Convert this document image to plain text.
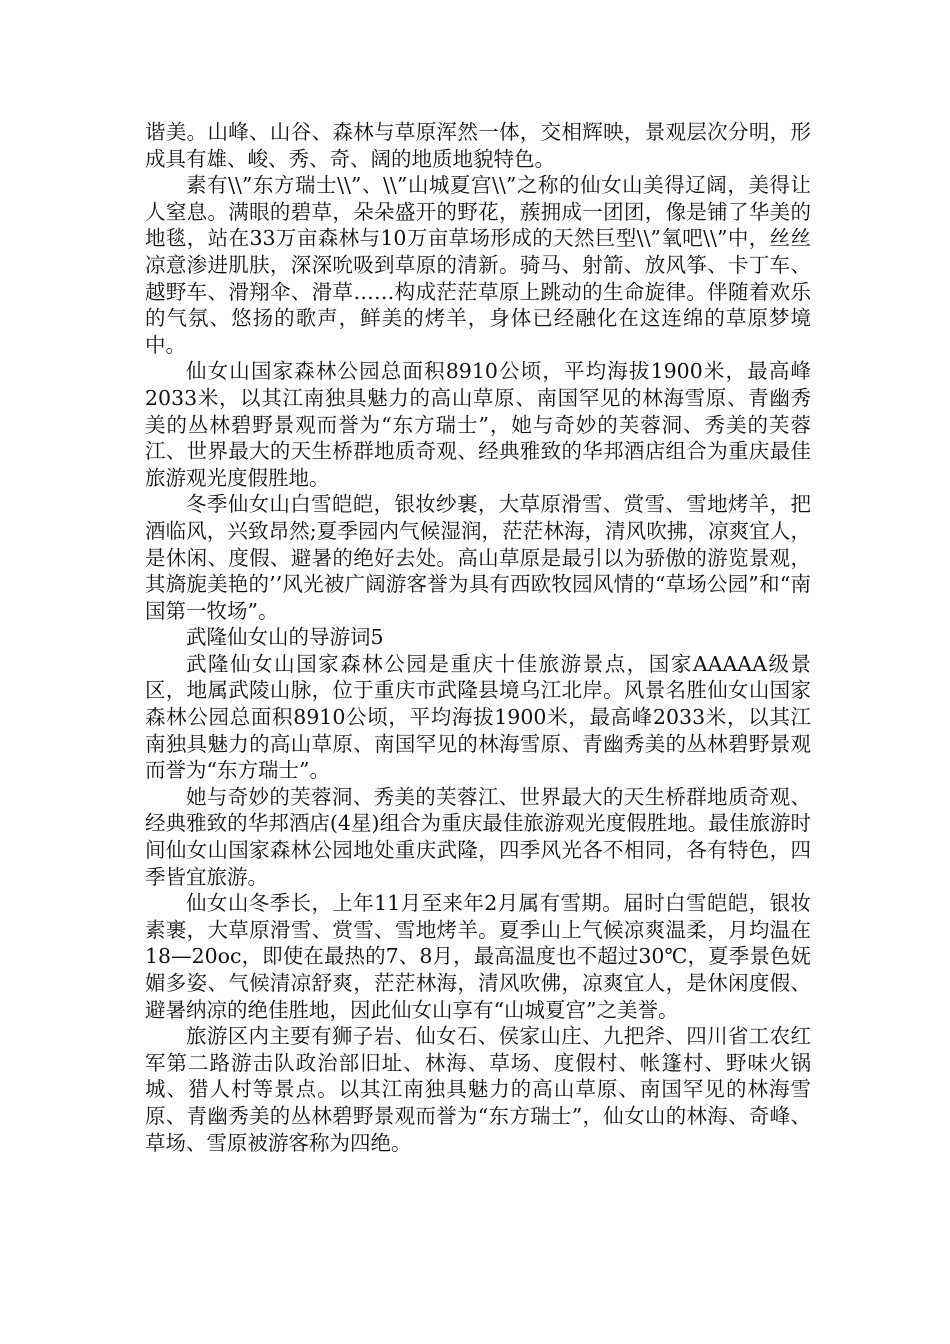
谐美。山峰、山谷、森林与草原浑然一体，交相辉映，景观层次分明，形成具有雄、峻、秀、奇、阔的地质地貌特色。

素有\\”东方瑞士\\”、\\”山城夏宫\\”之称的仙女山美得辽阔，美得让人窒息。满眼的碧草，朵朵盛开的野花，蔟拥成一团团，像是铺了华美的地毯，站在33万亩森林与10万亩草场形成的天然巨型\\”氧吧\\”中，丝丝凉意渗进肌肤，深深吮吸到草原的清新。骑马、射箭、放风筝、卡丁车、越野车、滑翔伞、滑草……构成茫茫草原上跳动的生命旋律。伴随着欢乐的气氛、悠扬的歌声，鲜美的烤羊，身体已经融化在这连绵的草原梦境中。

仙女山国家森林公园总面积8910公顷，平均海拔1900米，最高峰2033米，以其江南独具魅力的高山草原、南国罕见的林海雪原、青幽秀美的丛林碧野景观而誉为“东方瑞士”，她与奇妙的芙蓉洞、秀美的芙蓉江、世界最大的天生桥群地质奇观、经典雅致的华邦酒店组合为重庆最佳旅游观光度假胜地。

冬季仙女山白雪皑皑，银妆纱裹，大草原滑雪、赏雪、雪地烤羊，把酒临风，兴致昂然;夏季园内气候湿润，茫茫林海，清风吹拂，凉爽宜人，是休闲、度假、避暑的绝好去处。高山草原是最引以为骄傲的游览景观，其旖旎美艳的’’风光被广阔游客誉为具有西欧牧园风情的“草场公园”和“南国第一牧场”。

武隆仙女山的导游词5

武隆仙女山国家森林公园是重庆十佳旅游景点，国家AAAAA级景区，地属武陵山脉，位于重庆市武隆县境乌江北岸。风景名胜仙女山国家森林公园总面积8910公顷，平均海拔1900米，最高峰2033米，以其江南独具魅力的高山草原、南国罕见的林海雪原、青幽秀美的丛林碧野景观而誉为“东方瑞士”。

她与奇妙的芙蓉洞、秀美的芙蓉江、世界最大的天生桥群地质奇观、经典雅致的华邦酒店(4星)组合为重庆最佳旅游观光度假胜地。最佳旅游时间仙女山国家森林公园地处重庆武隆，四季风光各不相同，各有特色，四季皆宜旅游。

仙女山冬季长，上年11月至来年2月属有雪期。届时白雪皑皑，银妆素裹，大草原滑雪、赏雪、雪地烤羊。夏季山上气候凉爽温柔，月均温在18—20oc，即使在最热的7、8月，最高温度也不超过30℃，夏季景色妩媚多姿、气候清凉舒爽，茫茫林海，清风吹佛，凉爽宜人，是休闲度假、避暑纳凉的绝佳胜地，因此仙女山享有“山城夏宫”之美誉。

旅游区内主要有狮子岩、仙女石、侯家山庄、九把斧、四川省工农红军第二路游击队政治部旧址、林海、草场、度假村、帐篷村、野味火锅城、猎人村等景点。以其江南独具魅力的高山草原、南国罕见的林海雪原、青幽秀美的丛林碧野景观而誉为“东方瑞士”，仙女山的林海、奇峰、草场、雪原被游客称为四绝。
